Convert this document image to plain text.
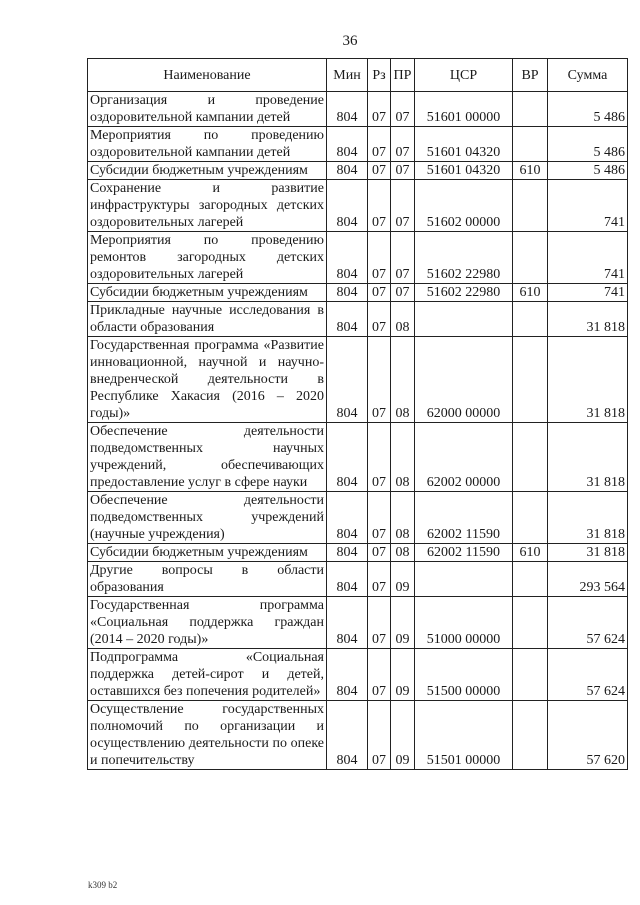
36
Наименование	Мин	Рз	ПР	ЦСР	ВР	Сумма
Организация и проведение оздоровительной кампании детей	804	07	07	51601 00000		5 486
Мероприятия по проведению оздоровительной кампании детей	804	07	07	51601 04320		5 486
Субсидии бюджетным учреждениям	804	07	07	51601 04320	610	5 486
Сохранение и развитие инфраструктуры загородных детских оздоровительных лагерей	804	07	07	51602 00000		741
Мероприятия по проведению ремонтов загородных детских оздоровительных лагерей	804	07	07	51602 22980		741
Субсидии бюджетным учреждениям	804	07	07	51602 22980	610	741
Прикладные научные исследования в области образования	804	07	08			31 818
Государственная программа «Развитие инновационной, научной и научно-внедренческой деятельности в Республике Хакасия (2016 – 2020 годы)»	804	07	08	62000 00000		31 818
Обеспечение деятельности подведомственных научных учреждений, обеспечивающих предоставление услуг в сфере науки	804	07	08	62002 00000		31 818
Обеспечение деятельности подведомственных учреждений (научные учреждения)	804	07	08	62002 11590		31 818
Субсидии бюджетным учреждениям	804	07	08	62002 11590	610	31 818
Другие вопросы в области образования	804	07	09			293 564
Государственная программа «Социальная поддержка граждан (2014 – 2020 годы)»	804	07	09	51000 00000		57 624
Подпрограмма «Социальная поддержка детей-сирот и детей, оставшихся без попечения родителей»	804	07	09	51500 00000		57 624
Осуществление государственных полномочий по организации и осуществлению деятельности по опеке и попечительству	804	07	09	51501 00000		57 620
k309 b2
